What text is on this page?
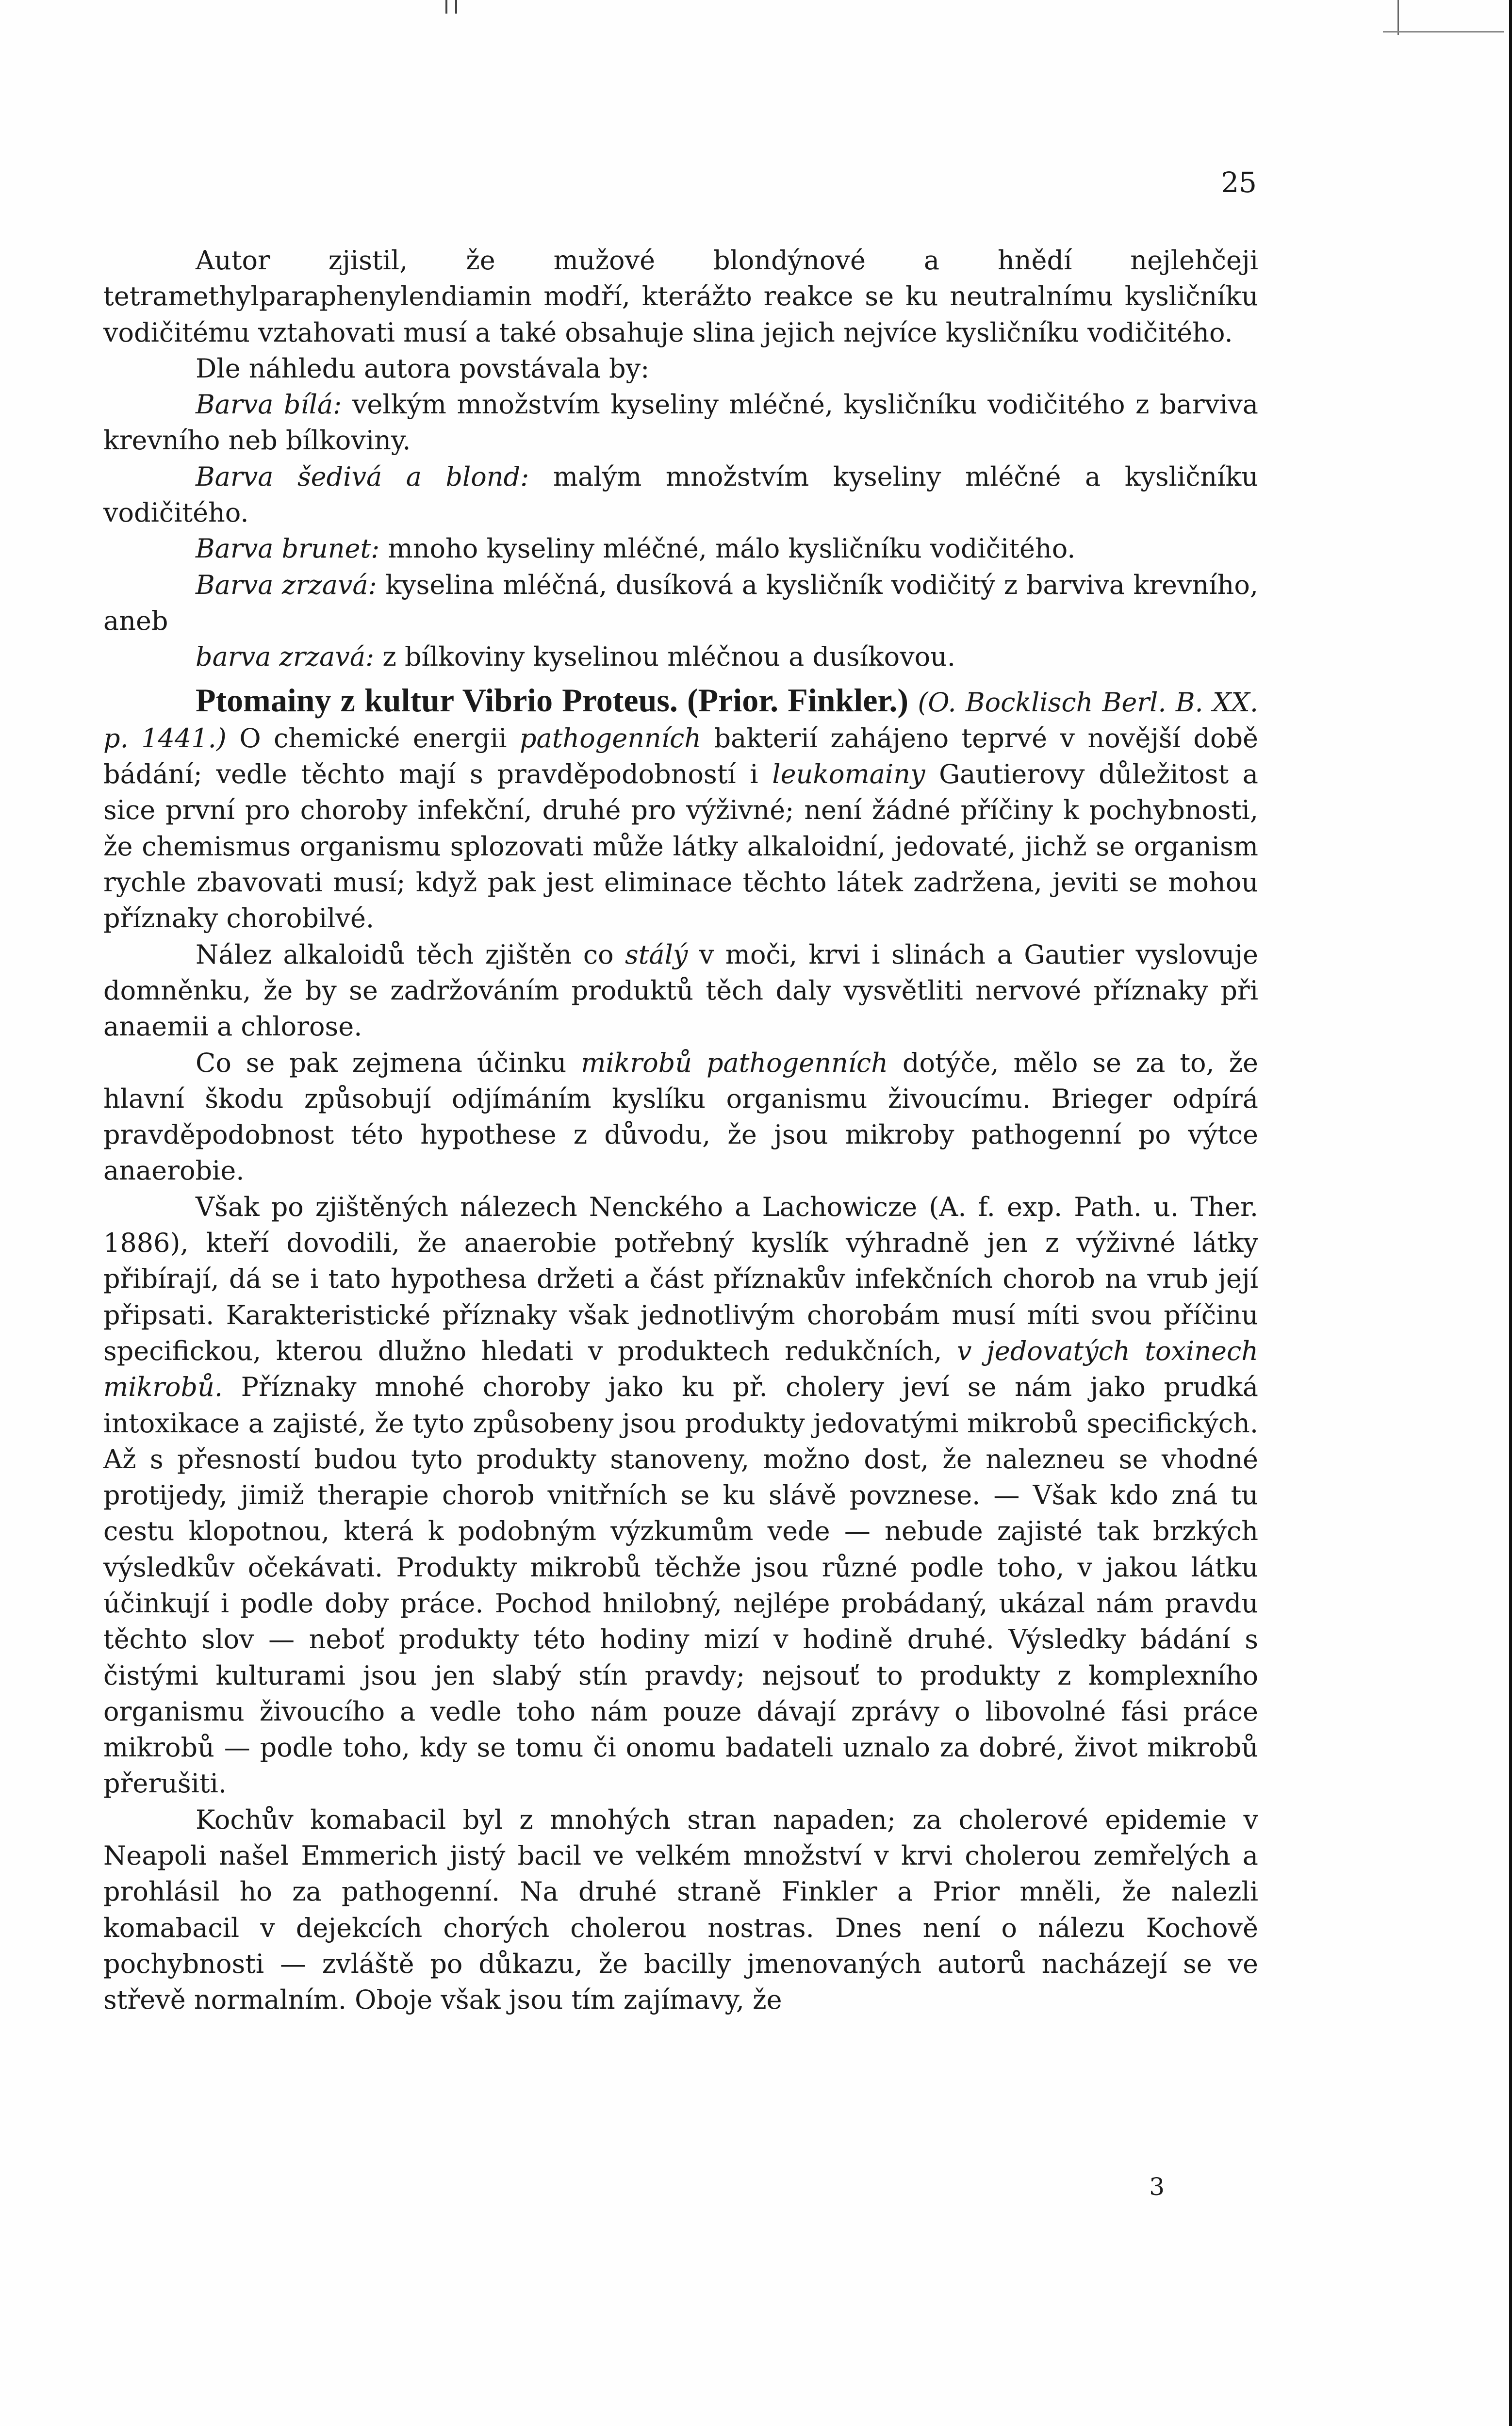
25

Autor zjistil, že mužové blondýnové a hnědí nejlehčeji tetramethylparaphenylendiamin modří, kterážto reakce se ku neutralnímu kysličníku vodičitému vztahovati musí a také obsahuje slina jejich nejvíce kysličníku vodičitého.

Dle náhledu autora povstávala by:

Barva bílá: velkým množstvím kyseliny mléčné, kysličníku vodičitého z barviva krevního neb bílkoviny.

Barva šedivá a blond: malým množstvím kyseliny mléčné a kysličníku vodičitého.

Barva brunet: mnoho kyseliny mléčné, málo kysličníku vodičitého.

Barva zrzavá: kyselina mléčná, dusíková a kysličník vodičitý z barviva krevního, aneb

barva zrzavá: z bílkoviny kyselinou mléčnou a dusíkovou.

Ptomainy z kultur Vibrio Proteus. (Prior. Finkler.) (O. Bocklisch Berl. B. XX. p. 1441.) O chemické energii pathogenních bakterií zahájeno teprvé v novější době bádání; vedle těchto mají s pravděpodobností i leukomainy Gautierovy důležitost a sice první pro choroby infekční, druhé pro výživné; není žádné příčiny k pochybnosti, že chemismus organismu splozovati může látky alkaloidní, jedovaté, jichž se organism rychle zbavovati musí; když pak jest eliminace těchto látek zadržena, jeviti se mohou příznaky chorobilvé.

Nález alkaloidů těch zjištěn co stálý v moči, krvi i slinách a Gautier vyslovuje domněnku, že by se zadržováním produktů těch daly vysvětliti nervové příznaky při anaemii a chlorose.

Co se pak zejmena účinku mikrobů pathogenních dotýče, mělo se za to, že hlavní škodu způsobují odjímáním kyslíku organismu živoucímu. Brieger odpírá pravděpodobnost této hypothese z důvodu, že jsou mikroby pathogenní po výtce anaerobie.

Však po zjištěných nálezech Nenckého a Lachowicze (A. f. exp. Path. u. Ther. 1886), kteří dovodili, že anaerobie potřebný kyslík výhradně jen z výživné látky přibírají, dá se i tato hypothesa držeti a část příznakův infekčních chorob na vrub její připsati. Karakteristické příznaky však jednotlivým chorobám musí míti svou příčinu specifickou, kterou dlužno hledati v produktech redukčních, v jedovatých toxinech mikrobů. Příznaky mnohé choroby jako ku př. cholery jeví se nám jako prudká intoxikace a zajisté, že tyto způsobeny jsou produkty jedovatými mikrobů specifických. Až s přesností budou tyto produkty stanoveny, možno dost, že nalezneu se vhodné protijedy, jimiž therapie chorob vnitřních se ku slávě povznese. — Však kdo zná tu cestu klopotnou, která k podobným výzkumům vede — nebude zajisté tak brzkých výsledkův očekávati. Produkty mikrobů těchže jsou různé podle toho, v jakou látku účinkují i podle doby práce. Pochod hnilobný, nejlépe probádaný, ukázal nám pravdu těchto slov — neboť produkty této hodiny mizí v hodině druhé. Výsledky bádání s čistými kulturami jsou jen slabý stín pravdy; nejsouť to produkty z komplexního organismu živoucího a vedle toho nám pouze dávají zprávy o libovolné fási práce mikrobů — podle toho, kdy se tomu či onomu badateli uznalo za dobré, život mikrobů přerušiti.

Kochův komabacil byl z mnohých stran napaden; za cholerové epidemie v Neapoli našel Emmerich jistý bacil ve velkém množství v krvi cholerou zemřelých a prohlásil ho za pathogenní. Na druhé straně Finkler a Prior mněli, že nalezli komabacil v dejekcích chorých cholerou nostras. Dnes není o nálezu Kochově pochybnosti — zvláště po důkazu, že bacilly jmenovaných autorů nacházejí se ve střevě normalním. Oboje však jsou tím zajímavy, že

3
